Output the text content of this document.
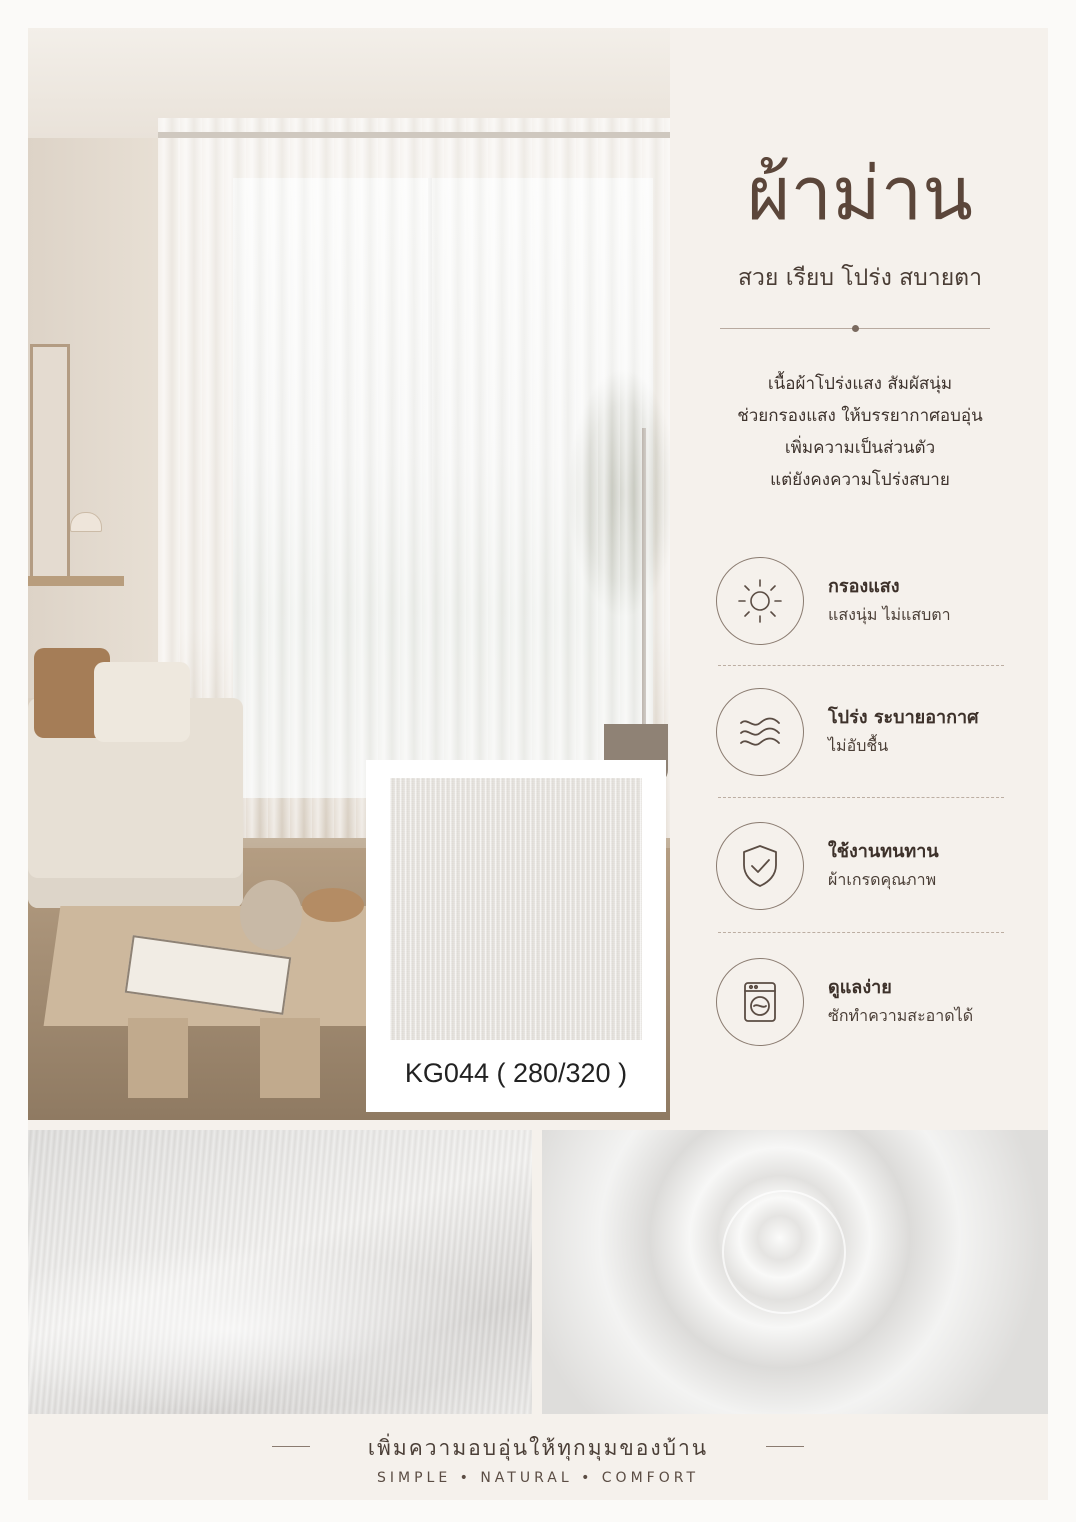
KG044 ( 280/320 )
ผ้าม่าน
สวย เรียบ โปร่ง สบายตา
เนื้อผ้าโปร่งแสง สัมผัสนุ่ม
ช่วยกรองแสง ให้บรรยากาศอบอุ่น
เพิ่มความเป็นส่วนตัว
แต่ยังคงความโปร่งสบาย
กรองแสง
แสงนุ่ม ไม่แสบตา
โปร่ง ระบายอากาศ
ไม่อับชื้น
ใช้งานทนทาน
ผ้าเกรดคุณภาพ
ดูแลง่าย
ซักทำความสะอาดได้
เพิ่มความอบอุ่นให้ทุกมุมของบ้าน
SIMPLE • NATURAL • COMFORT
